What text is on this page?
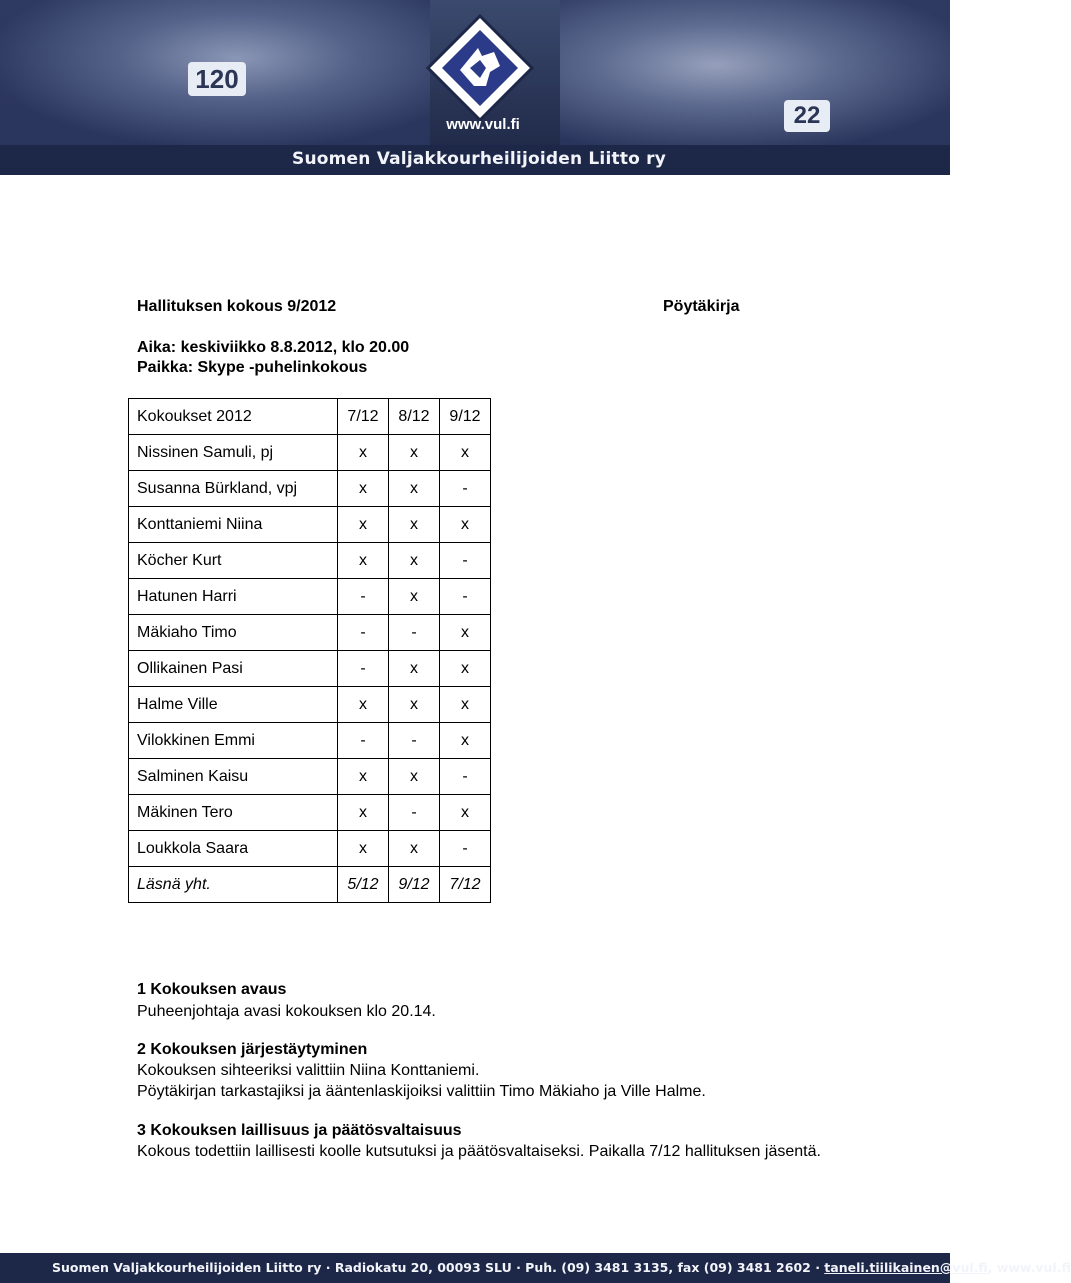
120
22
www.vul.fi
Suomen Valjakkourheilijoiden Liitto ry
Hallituksen kokous 9/2012	Pöytäkirja
Aika: keskiviikko 8.8.2012, klo 20.00
Paikka: Skype -puhelinkokous
Kokoukset 2012	7/12	8/12	9/12
Nissinen Samuli, pj	x	x	x
Susanna Bürkland, vpj	x	x	-
Konttaniemi Niina	x	x	x
Köcher Kurt	x	x	-
Hatunen Harri	-	x	-
Mäkiaho Timo	-	-	x
Ollikainen Pasi	-	x	x
Halme Ville	x	x	x
Vilokkinen Emmi	-	-	x
Salminen Kaisu	x	x	-
Mäkinen Tero	x	-	x
Loukkola Saara	x	x	-
Läsnä yht.	5/12	9/12	7/12
1 Kokouksen avaus
Puheenjohtaja avasi kokouksen klo 20.14.
2 Kokouksen järjestäytyminen
Kokouksen sihteeriksi valittiin Niina Konttaniemi.
Pöytäkirjan tarkastajiksi ja ääntenlaskijoiksi valittiin Timo Mäkiaho ja Ville Halme.
3 Kokouksen laillisuus ja päätösvaltaisuus
Kokous todettiin laillisesti koolle kutsutuksi ja päätösvaltaiseksi. Paikalla 7/12 hallituksen jäsentä.
Suomen Valjakkourheilijoiden Liitto ry · Radiokatu 20, 00093 SLU · Puh. (09) 3481 3135, fax (09) 3481 2602 · taneli.tiilikainen@vul.fi, www.vul.fi
